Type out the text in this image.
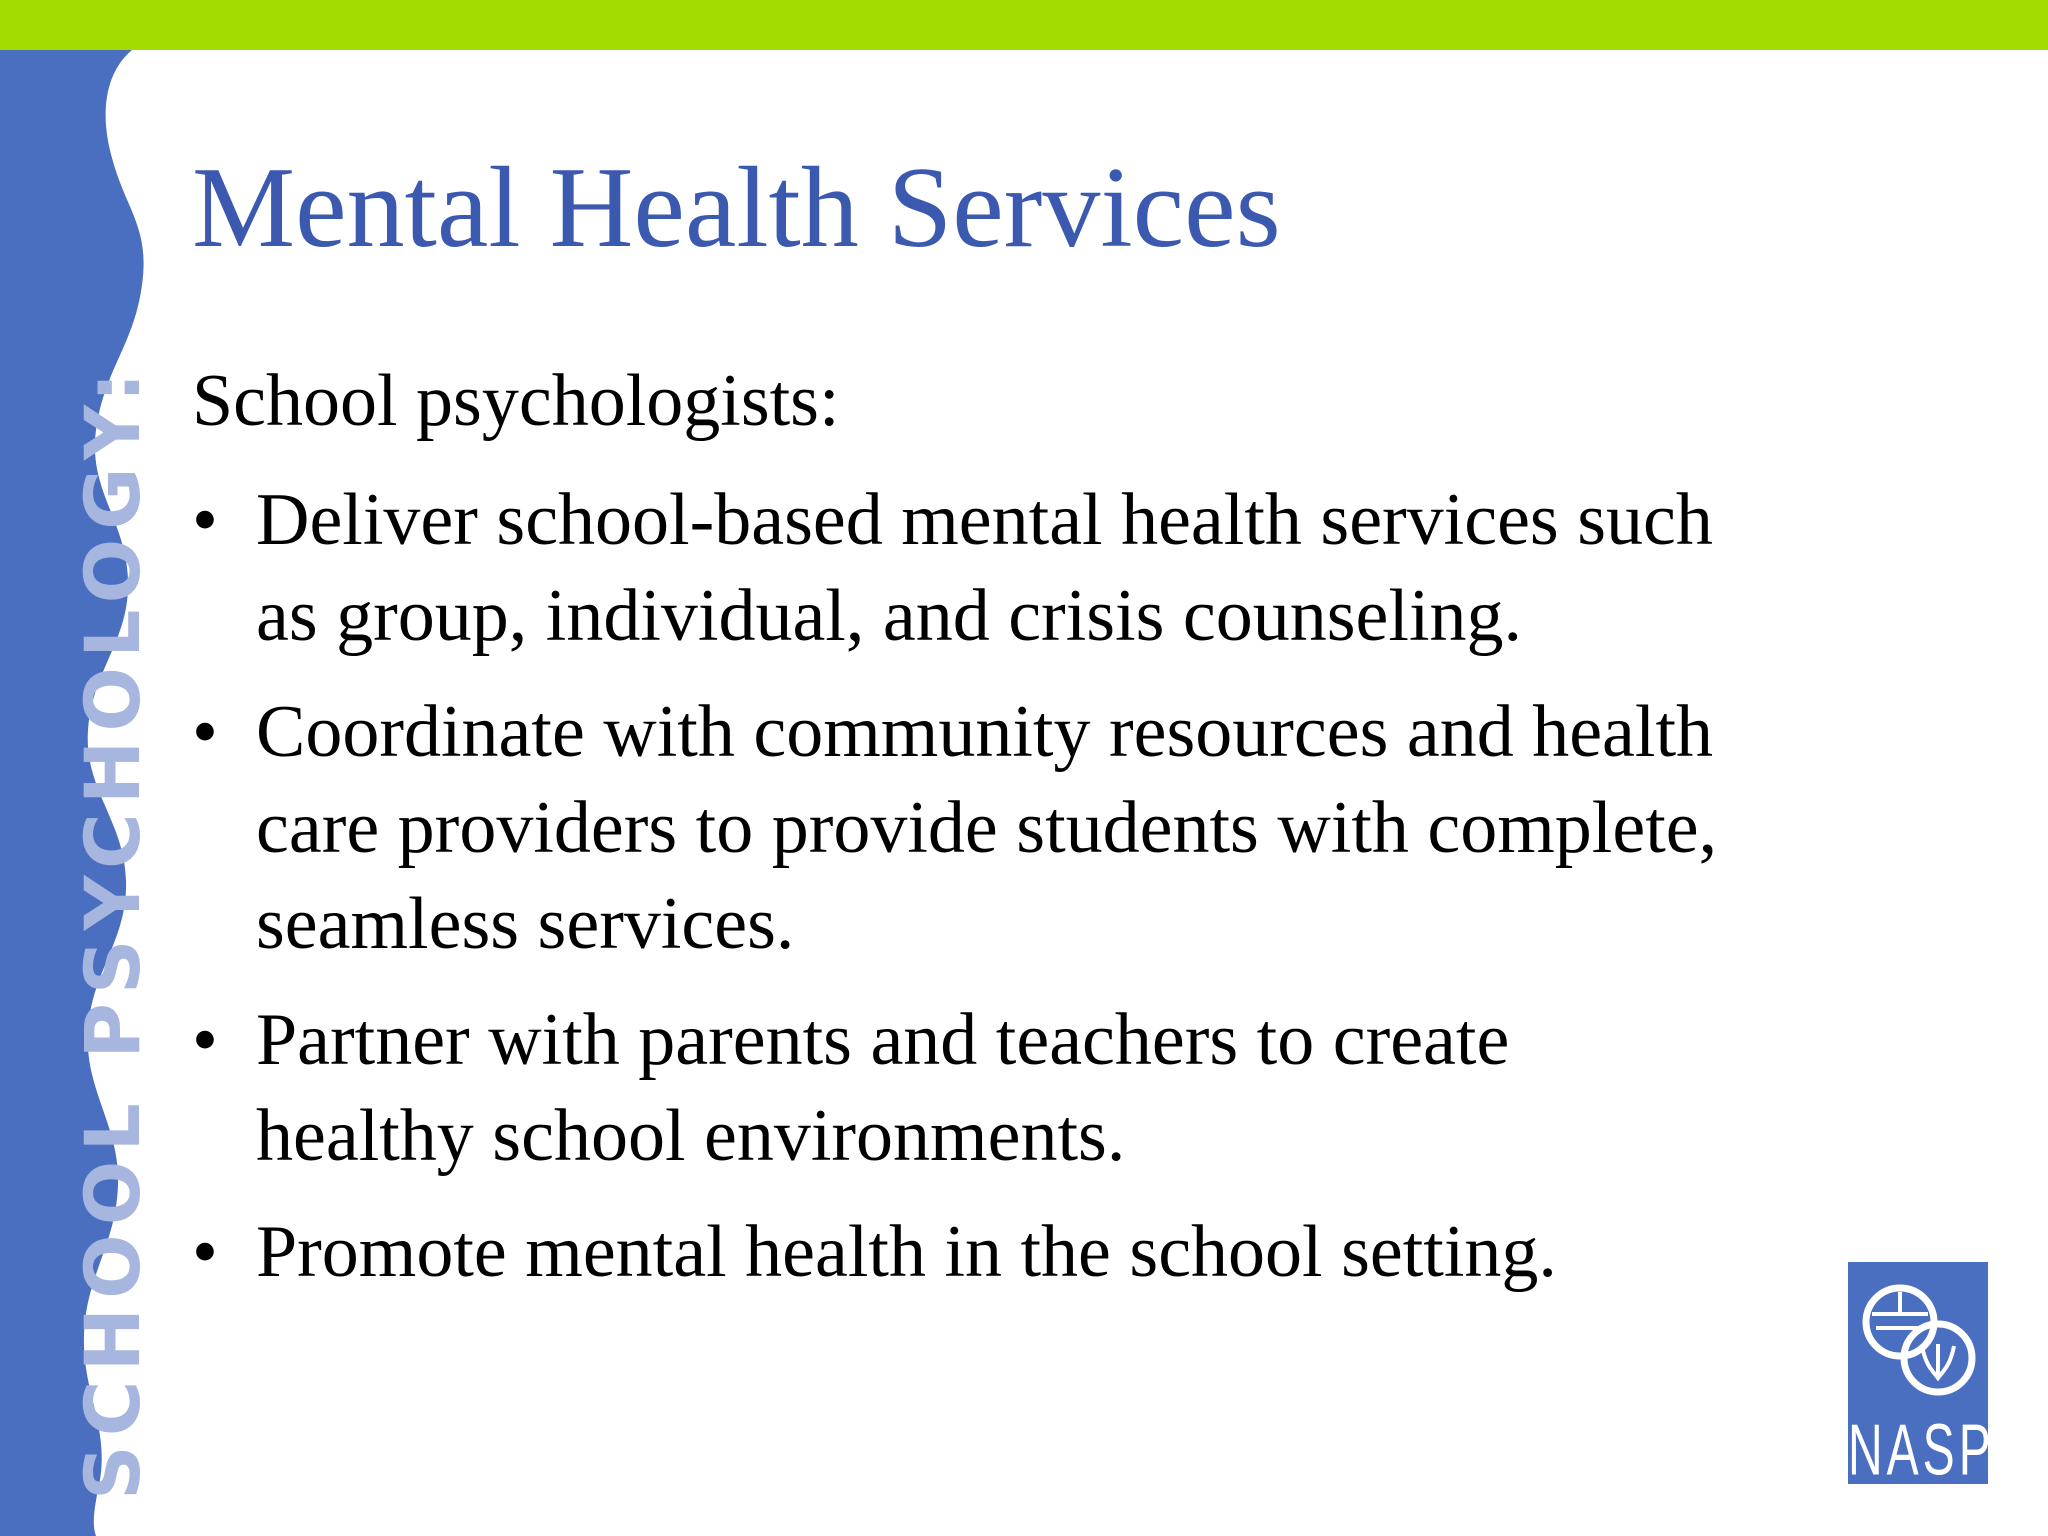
SCHOOL PSYCHOLOGY:
Mental Health Services

School psychologists:

• Deliver school-based mental health services such
as group, individual, and crisis counseling.
• Coordinate with community resources and health
care providers to provide students with complete,
seamless services.
• Partner with parents and teachers to create
healthy school environments.
• Promote mental health in the school setting.
NASP
